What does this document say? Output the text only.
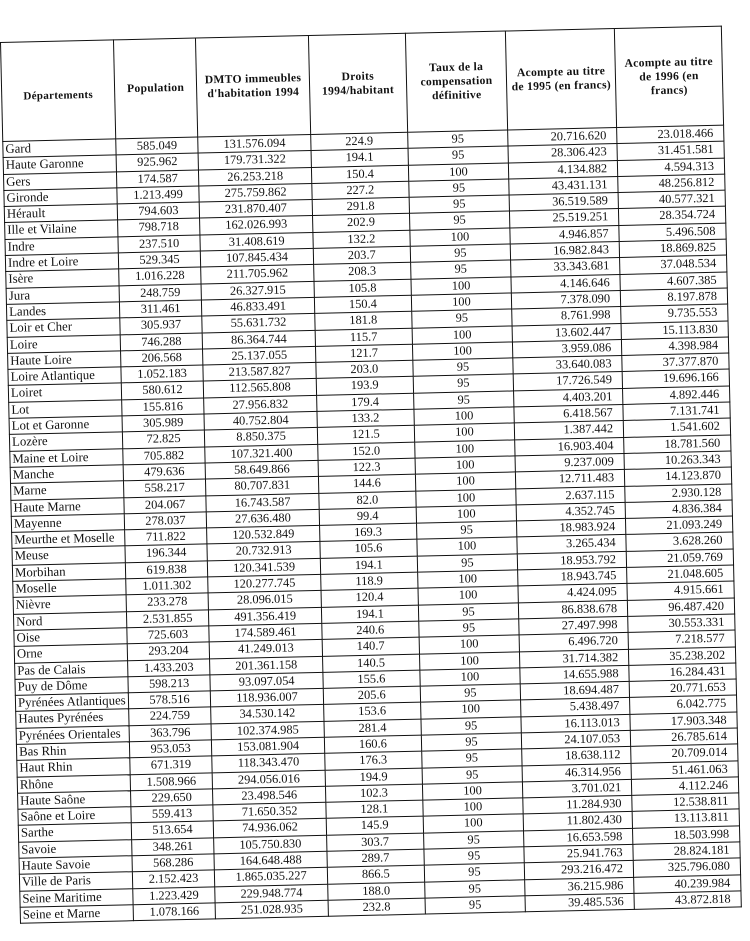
Départements	Population	DMTO immeubles d'habitation 1994	Droits 1994/habitant	Taux de la compensation définitive	Acompte au titre de 1995 (en francs)	Acompte au titre de 1996 (en francs)
Gard	585.049	131.576.094	224.9	95	20.716.620	23.018.466
Haute Garonne	925.962	179.731.322	194.1	95	28.306.423	31.451.581
Gers	174.587	26.253.218	150.4	100	4.134.882	4.594.313
Gironde	1.213.499	275.759.862	227.2	95	43.431.131	48.256.812
Hérault	794.603	231.870.407	291.8	95	36.519.589	40.577.321
Ille et Vilaine	798.718	162.026.993	202.9	95	25.519.251	28.354.724
Indre	237.510	31.408.619	132.2	100	4.946.857	5.496.508
Indre et Loire	529.345	107.845.434	203.7	95	16.982.843	18.869.825
Isère	1.016.228	211.705.962	208.3	95	33.343.681	37.048.534
Jura	248.759	26.327.915	105.8	100	4.146.646	4.607.385
Landes	311.461	46.833.491	150.4	100	7.378.090	8.197.878
Loir et Cher	305.937	55.631.732	181.8	95	8.761.998	9.735.553
Loire	746.288	86.364.744	115.7	100	13.602.447	15.113.830
Haute Loire	206.568	25.137.055	121.7	100	3.959.086	4.398.984
Loire Atlantique	1.052.183	213.587.827	203.0	95	33.640.083	37.377.870
Loiret	580.612	112.565.808	193.9	95	17.726.549	19.696.166
Lot	155.816	27.956.832	179.4	95	4.403.201	4.892.446
Lot et Garonne	305.989	40.752.804	133.2	100	6.418.567	7.131.741
Lozère	72.825	8.850.375	121.5	100	1.387.442	1.541.602
Maine et Loire	705.882	107.321.400	152.0	100	16.903.404	18.781.560
Manche	479.636	58.649.866	122.3	100	9.237.009	10.263.343
Marne	558.217	80.707.831	144.6	100	12.711.483	14.123.870
Haute Marne	204.067	16.743.587	82.0	100	2.637.115	2.930.128
Mayenne	278.037	27.636.480	99.4	100	4.352.745	4.836.384
Meurthe et Moselle	711.822	120.532.849	169.3	95	18.983.924	21.093.249
Meuse	196.344	20.732.913	105.6	100	3.265.434	3.628.260
Morbihan	619.838	120.341.539	194.1	95	18.953.792	21.059.769
Moselle	1.011.302	120.277.745	118.9	100	18.943.745	21.048.605
Nièvre	233.278	28.096.015	120.4	100	4.424.095	4.915.661
Nord	2.531.855	491.356.419	194.1	95	86.838.678	96.487.420
Oise	725.603	174.589.461	240.6	95	27.497.998	30.553.331
Orne	293.204	41.249.013	140.7	100	6.496.720	7.218.577
Pas de Calais	1.433.203	201.361.158	140.5	100	31.714.382	35.238.202
Puy de Dôme	598.213	93.097.054	155.6	100	14.655.988	16.284.431
Pyrénées Atlantiques	578.516	118.936.007	205.6	95	18.694.487	20.771.653
Hautes Pyrénées	224.759	34.530.142	153.6	100	5.438.497	6.042.775
Pyrénées Orientales	363.796	102.374.985	281.4	95	16.113.013	17.903.348
Bas Rhin	953.053	153.081.904	160.6	95	24.107.053	26.785.614
Haut Rhin	671.319	118.343.470	176.3	95	18.638.112	20.709.014
Rhône	1.508.966	294.056.016	194.9	95	46.314.956	51.461.063
Haute Saône	229.650	23.498.546	102.3	100	3.701.021	4.112.246
Saône et Loire	559.413	71.650.352	128.1	100	11.284.930	12.538.811
Sarthe	513.654	74.936.062	145.9	100	11.802.430	13.113.811
Savoie	348.261	105.750.830	303.7	95	16.653.598	18.503.998
Haute Savoie	568.286	164.648.488	289.7	95	25.941.763	28.824.181
Ville de Paris	2.152.423	1.865.035.227	866.5	95	293.216.472	325.796.080
Seine Maritime	1.223.429	229.948.774	188.0	95	36.215.986	40.239.984
Seine et Marne	1.078.166	251.028.935	232.8	95	39.485.536	43.872.818
